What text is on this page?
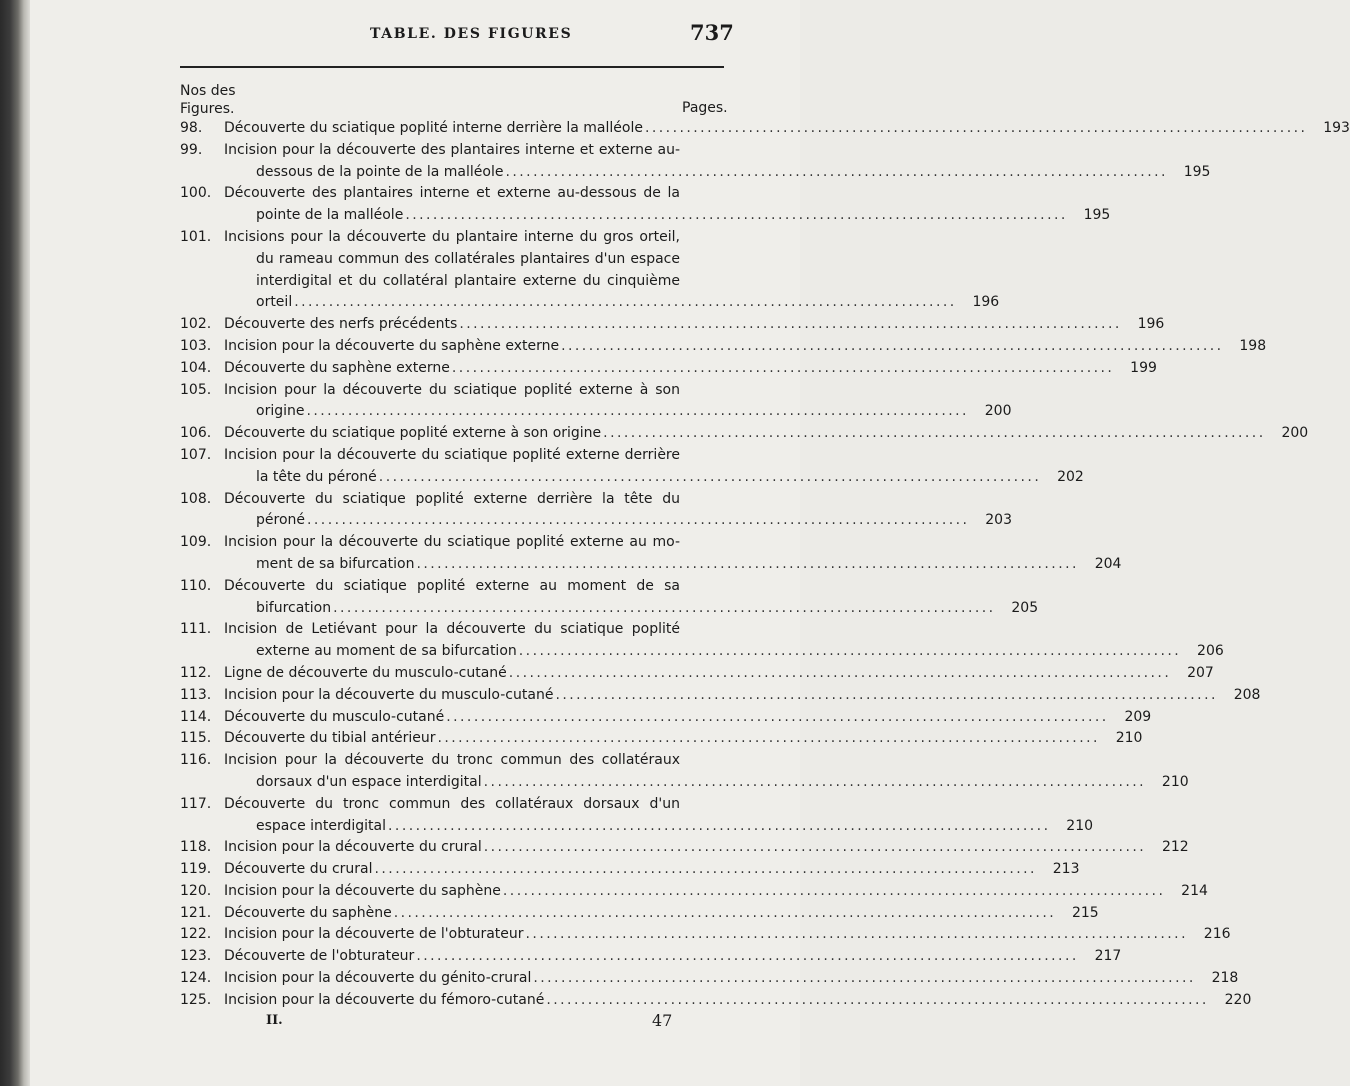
TABLE. DES FIGURES	737
Nos des
Figures.	Pages.
98.	Découverte du sciatique poplité interne derrière la malléole . . .	193
99.	Incision pour la découverte des plantaires interne et externe au-
dessous de la pointe de la malléole . . .	195
100. Découverte des plantaires interne et externe au-dessous de la
pointe de la malléole . . .	195
101. Incisions pour la découverte du plantaire interne du gros orteil,
du rameau commun des collatérales plantaires d'un espace
interdigital et du collatéral plantaire externe du cinquième
orteil . . .	196
102. Découverte des nerfs précédents . . .	196
103. Incision pour la découverte du saphène externe . . .	198
104. Découverte du saphène externe . . .	199
105. Incision pour la découverte du sciatique poplité externe à son
origine . . .	200
106. Découverte du sciatique poplité externe à son origine . . .	200
107. Incision pour la découverte du sciatique poplité externe derrière
la tête du péroné . . .	202
108. Découverte du sciatique poplité externe derrière la tête du
péroné . . .	203
109. Incision pour la découverte du sciatique poplité externe au mo-
ment de sa bifurcation . . .	204
110. Découverte du sciatique poplité externe au moment de sa
bifurcation . . .	205
111. Incision de Letiévant pour la découverte du sciatique poplité
externe au moment de sa bifurcation . . .	206
112. Ligne de découverte du musculo-cutané . . .	207
113. Incision pour la découverte du musculo-cutané . . .	208
114. Découverte du musculo-cutané . . .	209
115. Découverte du tibial antérieur . . .	210
116. Incision pour la découverte du tronc commun des collatéraux
dorsaux d'un espace interdigital . . .	210
117. Découverte du tronc commun des collatéraux dorsaux d'un
espace interdigital . . .	210
118. Incision pour la découverte du crural . . .	212
119. Découverte du crural . . .	213
120. Incision pour la découverte du saphène . . .	214
121. Découverte du saphène . . .	215
122. Incision pour la découverte de l'obturateur . . .	216
123. Découverte de l'obturateur . . .	217
124. Incision pour la découverte du génito-crural . . .	218
125. Incision pour la découverte du fémoro-cutané . . .	220
II.	47
